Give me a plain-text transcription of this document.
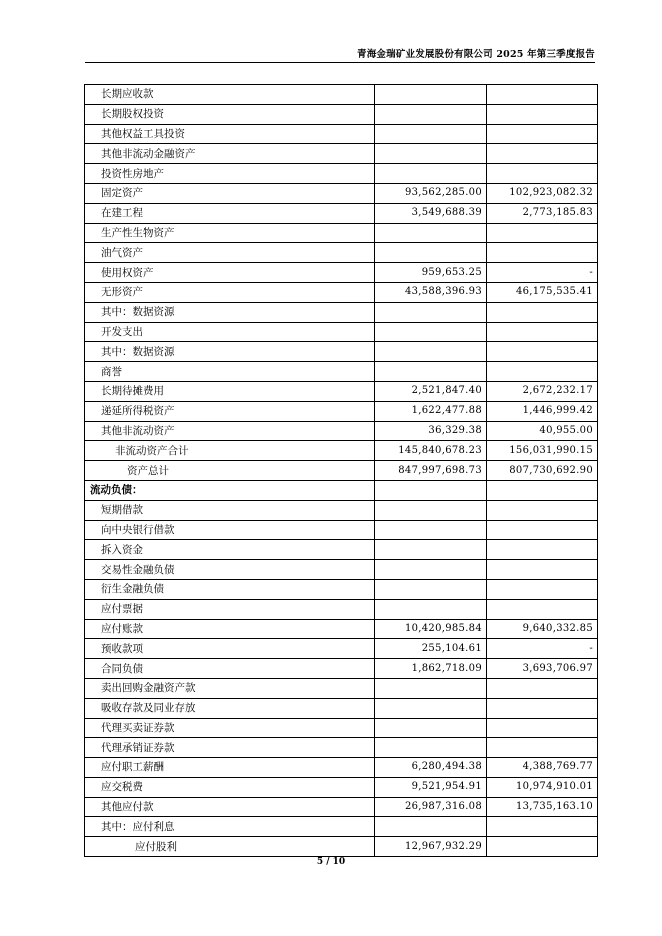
青海金瑞矿业发展股份有限公司 2025 年第三季度报告
长期应收款		
长期股权投资		
其他权益工具投资		
其他非流动金融资产		
投资性房地产		
固定资产	93,562,285.00	102,923,082.32
在建工程	3,549,688.39	2,773,185.83
生产性生物资产		
油气资产		
使用权资产	959,653.25	-
无形资产	43,588,396.93	46,175,535.41
其中：数据资源		
开发支出		
其中：数据资源		
商誉		
长期待摊费用	2,521,847.40	2,672,232.17
递延所得税资产	1,622,477.88	1,446,999.42
其他非流动资产	36,329.38	40,955.00
非流动资产合计	145,840,678.23	156,031,990.15
资产总计	847,997,698.73	807,730,692.90
流动负债：		
短期借款		
向中央银行借款		
拆入资金		
交易性金融负债		
衍生金融负债		
应付票据		
应付账款	10,420,985.84	9,640,332.85
预收款项	255,104.61	-
合同负债	1,862,718.09	3,693,706.97
卖出回购金融资产款		
吸收存款及同业存放		
代理买卖证券款		
代理承销证券款		
应付职工薪酬	6,280,494.38	4,388,769.77
应交税费	9,521,954.91	10,974,910.01
其他应付款	26,987,316.08	13,735,163.10
其中：应付利息		
应付股利	12,967,932.29	
5 / 10
